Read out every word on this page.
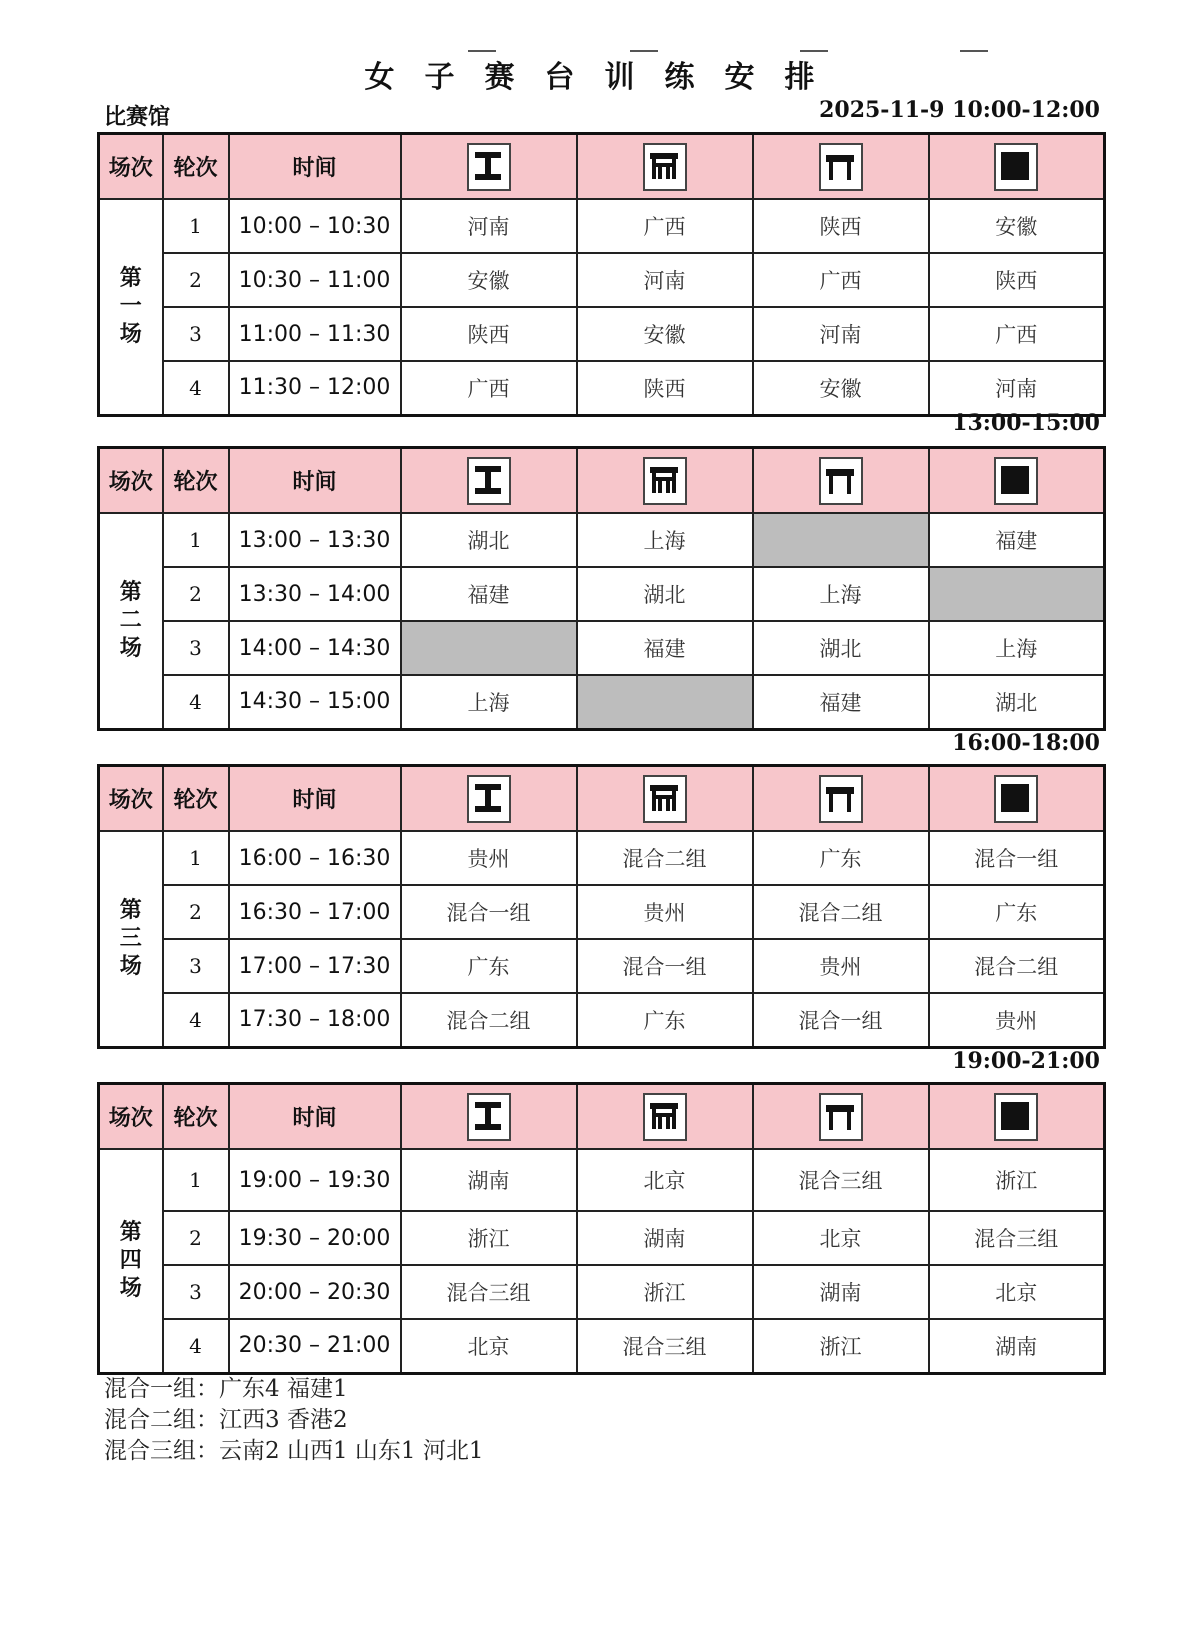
女子赛台训练安排
比赛馆	2025-11-9 10:00-12:00
场次	轮次	时间	

第
一
场	1	10:00 – 10:30	河南	广西	陕西	安徽
	2	10:30 – 11:00	安徽	河南	广西	陕西
	3	11:00 – 11:30	陕西	安徽	河南	广西
	4	11:30 – 12:00	广西	陕西	安徽	河南
13:00-15:00
场次	轮次	时间	

第
二
场	1	13:00 – 13:30	湖北	上海		福建
	2	13:30 – 14:00	福建	湖北	上海	
	3	14:00 – 14:30		福建	湖北	上海
	4	14:30 – 15:00	上海		福建	湖北
16:00-18:00
场次	轮次	时间	

第
三
场	1	16:00 – 16:30	贵州	混合二组	广东	混合一组
	2	16:30 – 17:00	混合一组	贵州	混合二组	广东
	3	17:00 – 17:30	广东	混合一组	贵州	混合二组
	4	17:30 – 18:00	混合二组	广东	混合一组	贵州
19:00-21:00
场次	轮次	时间	

第
四
场	1	19:00 – 19:30	湖南	北京	混合三组	浙江
	2	19:30 – 20:00	浙江	湖南	北京	混合三组
	3	20:00 – 20:30	混合三组	浙江	湖南	北京
	4	20:30 – 21:00	北京	混合三组	浙江	湖南
混合一组：广东4 福建1
混合二组：江西3 香港2
混合三组：云南2 山西1 山东1 河北1
